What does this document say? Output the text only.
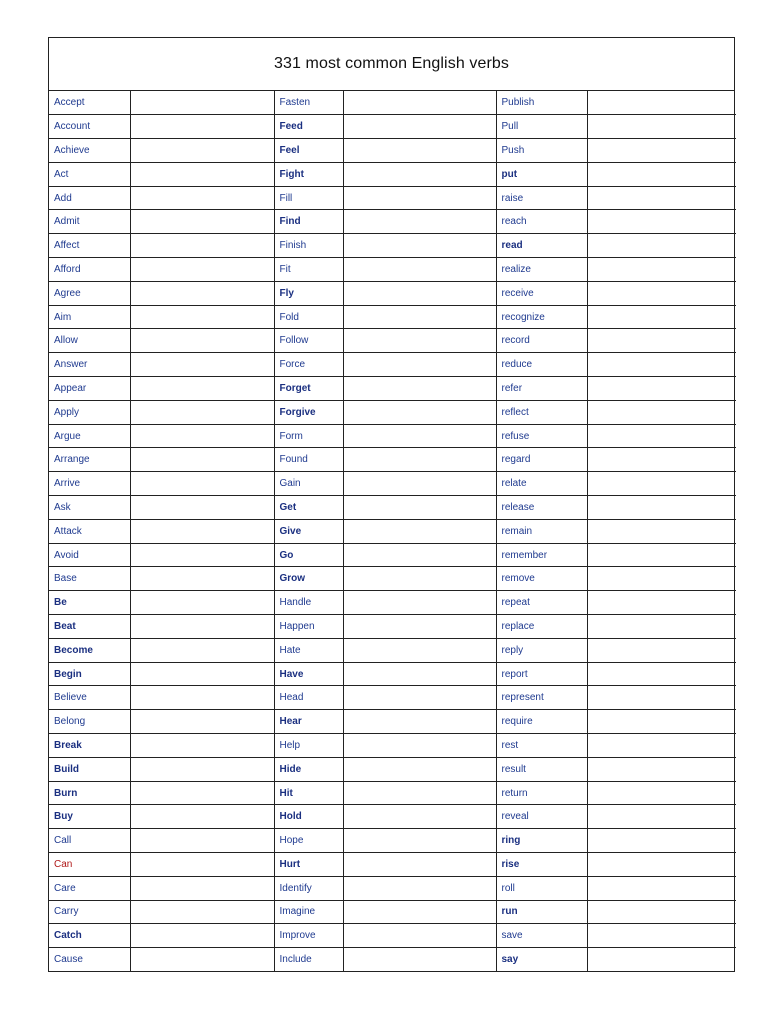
331 most common English verbs
Accept		Fasten		Publish	
Account		Feed		Pull	
Achieve		Feel		Push	
Act		Fight		put	
Add		Fill		raise	
Admit		Find		reach	
Affect		Finish		read	
Afford		Fit		realize	
Agree		Fly		receive	
Aim		Fold		recognize	
Allow		Follow		record	
Answer		Force		reduce	
Appear		Forget		refer	
Apply		Forgive		reflect	
Argue		Form		refuse	
Arrange		Found		regard	
Arrive		Gain		relate	
Ask		Get		release	
Attack		Give		remain	
Avoid		Go		remember	
Base		Grow		remove	
Be		Handle		repeat	
Beat		Happen		replace	
Become		Hate		reply	
Begin		Have		report	
Believe		Head		represent	
Belong		Hear		require	
Break		Help		rest	
Build		Hide		result	
Burn		Hit		return	
Buy		Hold		reveal	
Call		Hope		ring	
Can		Hurt		rise	
Care		Identify		roll	
Carry		Imagine		run	
Catch		Improve		save	
Cause		Include		say	
